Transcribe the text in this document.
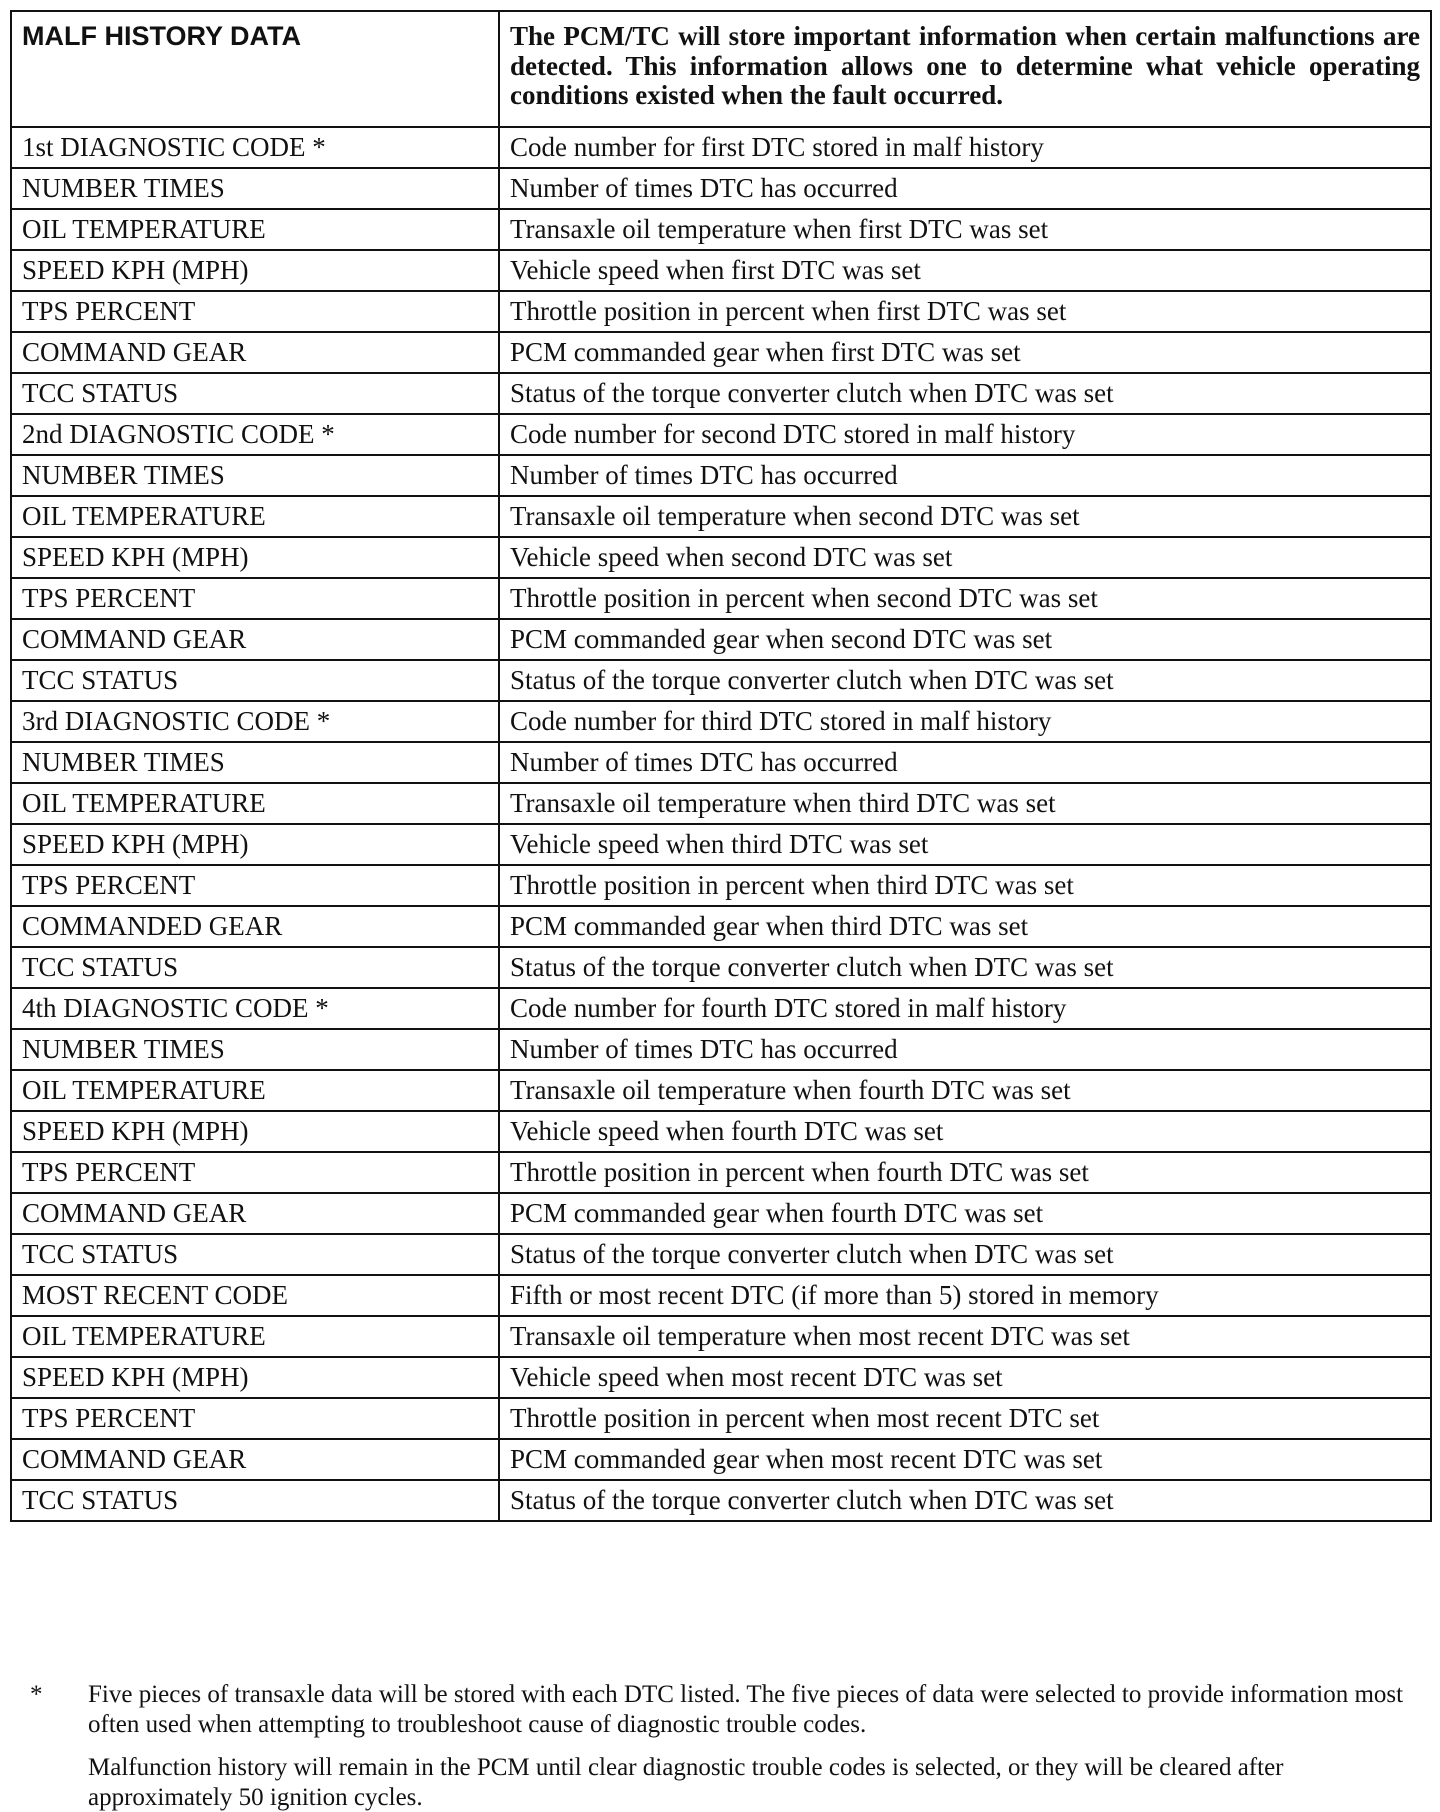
MALF HISTORY DATA	The PCM/TC will store important information when certain malfunctions are detected. This information allows one to determine what vehicle operating conditions existed when the fault occurred.
1st DIAGNOSTIC CODE *	Code number for first DTC stored in malf history
NUMBER TIMES	Number of times DTC has occurred
OIL TEMPERATURE	Transaxle oil temperature when first DTC was set
SPEED KPH (MPH)	Vehicle speed when first DTC was set
TPS PERCENT	Throttle position in percent when first DTC was set
COMMAND GEAR	PCM commanded gear when first DTC was set
TCC STATUS	Status of the torque converter clutch when DTC was set
2nd DIAGNOSTIC CODE *	Code number for second DTC stored in malf history
NUMBER TIMES	Number of times DTC has occurred
OIL TEMPERATURE	Transaxle oil temperature when second DTC was set
SPEED KPH (MPH)	Vehicle speed when second DTC was set
TPS PERCENT	Throttle position in percent when second DTC was set
COMMAND GEAR	PCM commanded gear when second DTC was set
TCC STATUS	Status of the torque converter clutch when DTC was set
3rd DIAGNOSTIC CODE *	Code number for third DTC stored in malf history
NUMBER TIMES	Number of times DTC has occurred
OIL TEMPERATURE	Transaxle oil temperature when third DTC was set
SPEED KPH (MPH)	Vehicle speed when third DTC was set
TPS PERCENT	Throttle position in percent when third DTC was set
COMMANDED GEAR	PCM commanded gear when third DTC was set
TCC STATUS	Status of the torque converter clutch when DTC was set
4th DIAGNOSTIC CODE *	Code number for fourth DTC stored in malf history
NUMBER TIMES	Number of times DTC has occurred
OIL TEMPERATURE	Transaxle oil temperature when fourth DTC was set
SPEED KPH (MPH)	Vehicle speed when fourth DTC was set
TPS PERCENT	Throttle position in percent when fourth DTC was set
COMMAND GEAR	PCM commanded gear when fourth DTC was set
TCC STATUS	Status of the torque converter clutch when DTC was set
MOST RECENT CODE	Fifth or most recent DTC (if more than 5) stored in memory
OIL TEMPERATURE	Transaxle oil temperature when most recent DTC was set
SPEED KPH (MPH)	Vehicle speed when most recent DTC was set
TPS PERCENT	Throttle position in percent when most recent DTC set
COMMAND GEAR	PCM commanded gear when most recent DTC was set
TCC STATUS	Status of the torque converter clutch when DTC was set
* Five pieces of transaxle data will be stored with each DTC listed. The five pieces of data were selected to provide information most often used when attempting to troubleshoot cause of diagnostic trouble codes.
Malfunction history will remain in the PCM until clear diagnostic trouble codes is selected, or they will be cleared after approximately 50 ignition cycles.
